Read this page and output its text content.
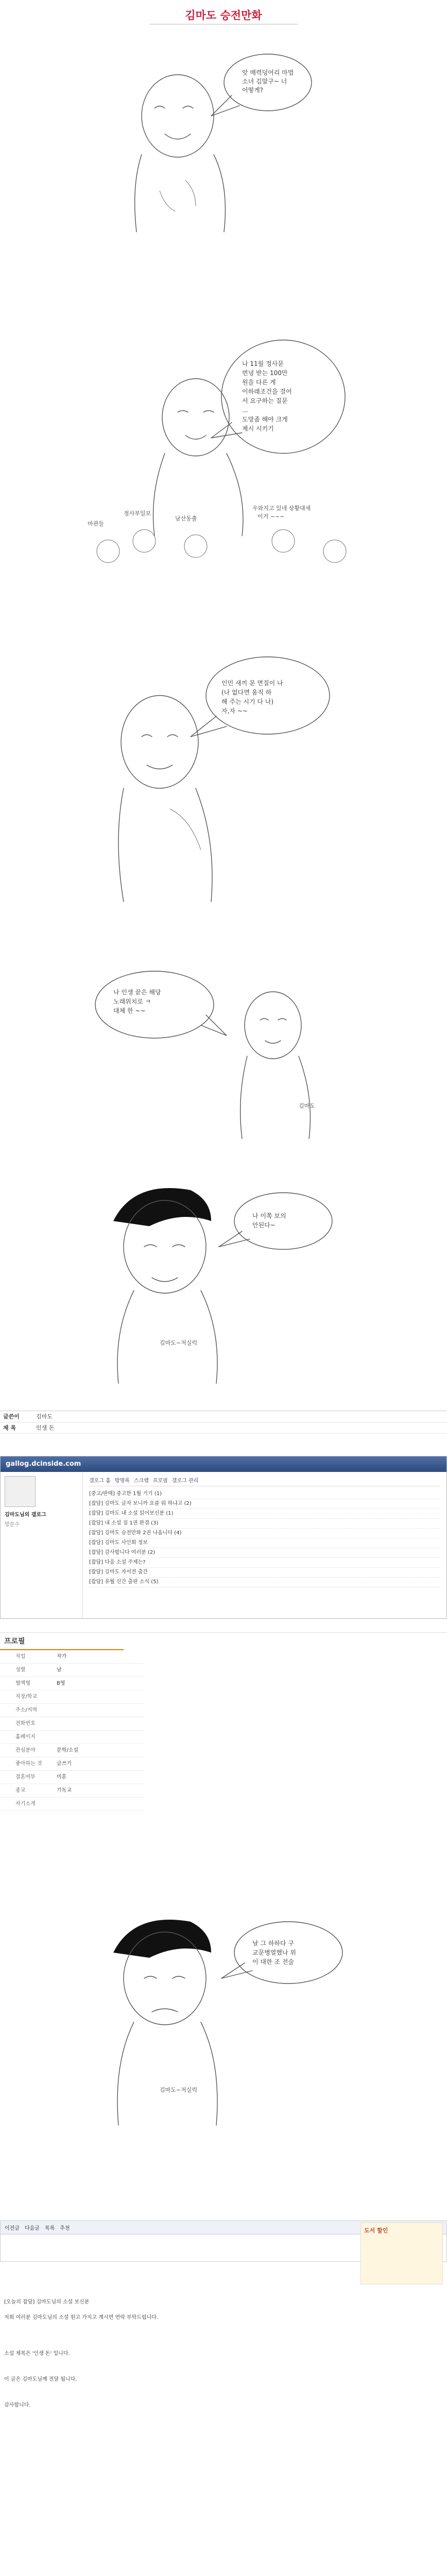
김마도 승전만화
앗 매력덩어리 마법
소녀 김말구~ 너
어떻게?
나 11월 정사문
번녕 받는 100만
원을 다른 게
이하래조건을 걸어
서 요구하는 질문
...
도망좀 해야 크게
제시 시키기
마관들
정사부일보
남산동출
우와지고 있네 상황대세
이거 ~~~
인민 새끼 문 면질이 나
(나 없다면 움직 하
해 주는 시기 다 나)
자,자 ~~
나 인생 끝은 해당
노래위치로 ㅋ
대체 한 ~~
김마도
나 이쪽 보의
안된다~
김마도~저실럭
글쓴이	김마도
제 목	인생 돈
gallog.dcinside.com
김마도님의 갤로그
방문수
갤로그 홈 방명록 스크랩 프로필 갤로그 관리
[중고/판매] 중고한 1월 기기 (1)
[잡담] 김마도 글자 보니까 요즘 뭐 하냐고 (2)
[잡담] 김마도 내 소설 읽어보신분 (1)
[잡담] 내 소설 짐 1권 완결 (3)
[잡담] 김마도 승전만화 2권 나옵니다 (4)
[잡담] 김마도 사인회 정보
[잡담] 감사합니다 여러분 (2)
[잡담] 다음 소설 주제는?
[잡담] 김마도 자서전 출간
[잡담] 유월 신간 출판 소식 (5)
프로필
직업	작가
성별	남
혈액형	B형
직장/학교
주소/지역
전화번호
홈페이지
관심분야	문학/소설
좋아하는 것	글쓰기
결혼여부	미혼
종교	기독교
자기소개
날 그 하하다 구
교문병열했나 위
이 대한 조 전술
김마도~저실럭
이전글 다음글 목록 추천	도서 할인
[오늘의 잡담] 김마도님의 소설 보신분
저희 여러분 김마도님의 소설 원고 가지고 계시면 연락 부탁드립니다.
소설 제목은 '인생 돈' 입니다.
이 글은 김마도님께 전달 됩니다.
감사합니다.
